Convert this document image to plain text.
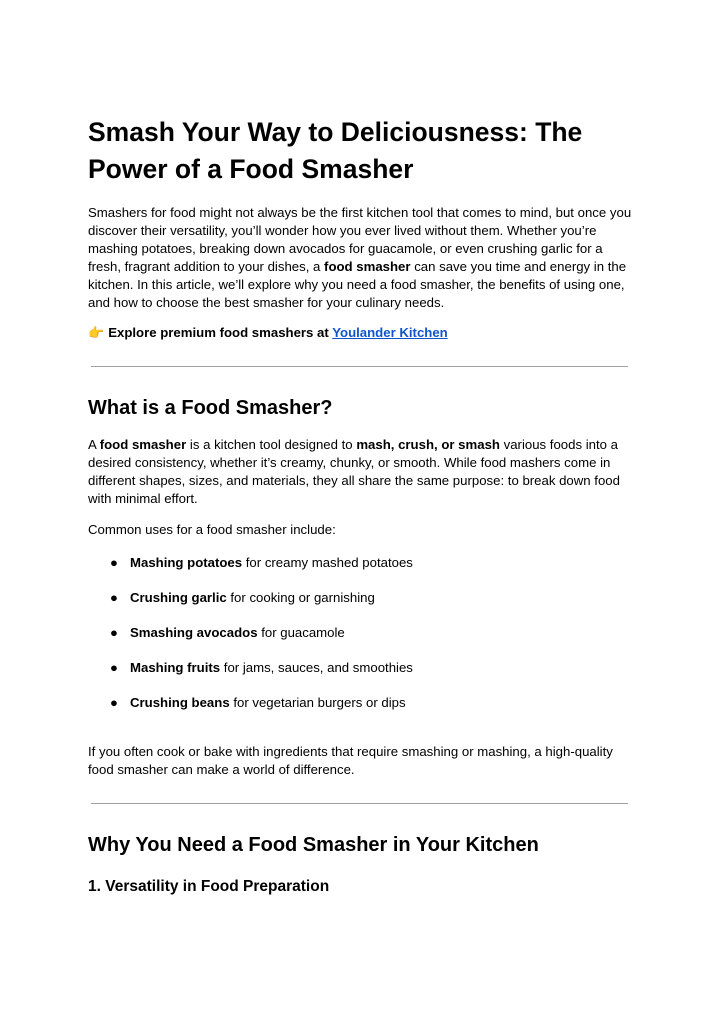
Smash Your Way to Deliciousness: The Power of a Food Smasher

Smashers for food might not always be the first kitchen tool that comes to mind, but once you discover their versatility, you’ll wonder how you ever lived without them. Whether you’re mashing potatoes, breaking down avocados for guacamole, or even crushing garlic for a fresh, fragrant addition to your dishes, a food smasher can save you time and energy in the kitchen. In this article, we’ll explore why you need a food smasher, the benefits of using one, and how to choose the best smasher for your culinary needs.

👉 Explore premium food smashers at Youlander Kitchen

What is a Food Smasher?

A food smasher is a kitchen tool designed to mash, crush, or smash various foods into a desired consistency, whether it’s creamy, chunky, or smooth. While food mashers come in different shapes, sizes, and materials, they all share the same purpose: to break down food with minimal effort.

Common uses for a food smasher include:

● Mashing potatoes for creamy mashed potatoes
● Crushing garlic for cooking or garnishing
● Smashing avocados for guacamole
● Mashing fruits for jams, sauces, and smoothies
● Crushing beans for vegetarian burgers or dips

If you often cook or bake with ingredients that require smashing or mashing, a high-quality food smasher can make a world of difference.

Why You Need a Food Smasher in Your Kitchen
1. Versatility in Food Preparation
